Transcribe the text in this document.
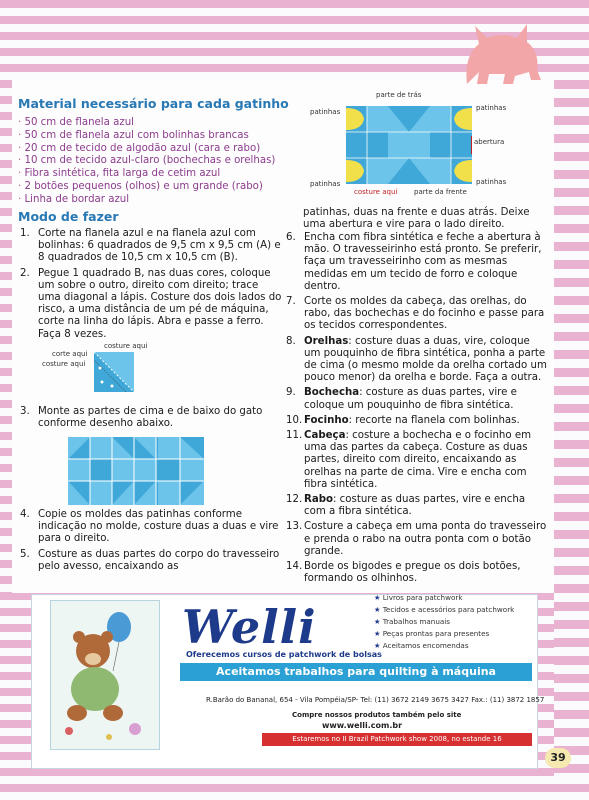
Material necessário para cada gatinho
· 50 cm de flanela azul
· 50 cm de flanela azul com bolinhas brancas
· 20 cm de tecido de algodão azul (cara e rabo)
· 10 cm de tecido azul-claro (bochechas e orelhas)
· Fibra sintética, fita larga de cetim azul
· 2 botões pequenos (olhos) e um grande (rabo)
· Linha de bordar azul
Modo de fazer
1. Corte na flanela azul e na flanela azul com bolinhas: 6 quadrados de 9,5 cm x 9,5 cm (A) e 8 quadrados de 10,5 cm x 10,5 cm (B).
2. Pegue 1 quadrado B, nas duas cores, coloque um sobre o outro, direito com direito; trace uma diagonal a lápis. Costure dos dois lados do risco, a uma distância de um pé de máquina, corte na linha do lápis. Abra e passe a ferro. Faça 8 vezes.
corte aqui
costure aqui
costure aqui
3. Monte as partes de cima e de baixo do gato conforme desenho abaixo.
4. Copie os moldes das patinhas conforme indicação no molde, costure duas a duas e vire para o direito.
5. Costure as duas partes do corpo do travesseiro pelo avesso, encaixando as
parte de trás
patinhas	patinhas
abertura
patinhas	patinhas
costure aqui parte da frente
patinhas, duas na frente e duas atrás. Deixe uma abertura e vire para o lado direito.
6. Encha com fibra sintética e feche a abertura à mão. O travesseirinho está pronto. Se preferir, faça um travesseirinho com as mesmas medidas em um tecido de forro e coloque dentro.
7. Corte os moldes da cabeça, das orelhas, do rabo, das bochechas e do focinho e passe para os tecidos correspondentes.
8. Orelhas: costure duas a duas, vire, coloque um pouquinho de fibra sintética, ponha a parte de cima (o mesmo molde da orelha cortado um pouco menor) da orelha e borde. Faça a outra.
9. Bochecha: costure as duas partes, vire e coloque um pouquinho de fibra sintética.
10. Focinho: recorte na flanela com bolinhas.
11. Cabeça: costure a bochecha e o focinho em uma das partes da cabeça. Costure as duas partes, direito com direito, encaixando as orelhas na parte de cima. Vire e encha com fibra sintética.
12. Rabo: costure as duas partes, vire e encha com a fibra sintética.
13. Costure a cabeça em uma ponta do travesseiro e prenda o rabo na outra ponta com o botão grande.
14. Borde os bigodes e pregue os dois botões, formando os olhinhos.
Welli
Oferecemos cursos de patchwork de bolsas
★ Livros para patchwork
★ Tecidos e acessórios para patchwork
★ Trabalhos manuais
★ Peças prontas para presentes
★ Aceitamos encomendas
Aceitamos trabalhos para quilting à máquina
R.Barão do Bananal, 654 - Vila Pompéia/SP- Tel: (11) 3672 2149 3675 3427 Fax.: (11) 3872 1857
Compre nossos produtos também pelo site
www.welli.com.br
Estaremos no II Brazil Patchwork show 2008, no estande 16
39
